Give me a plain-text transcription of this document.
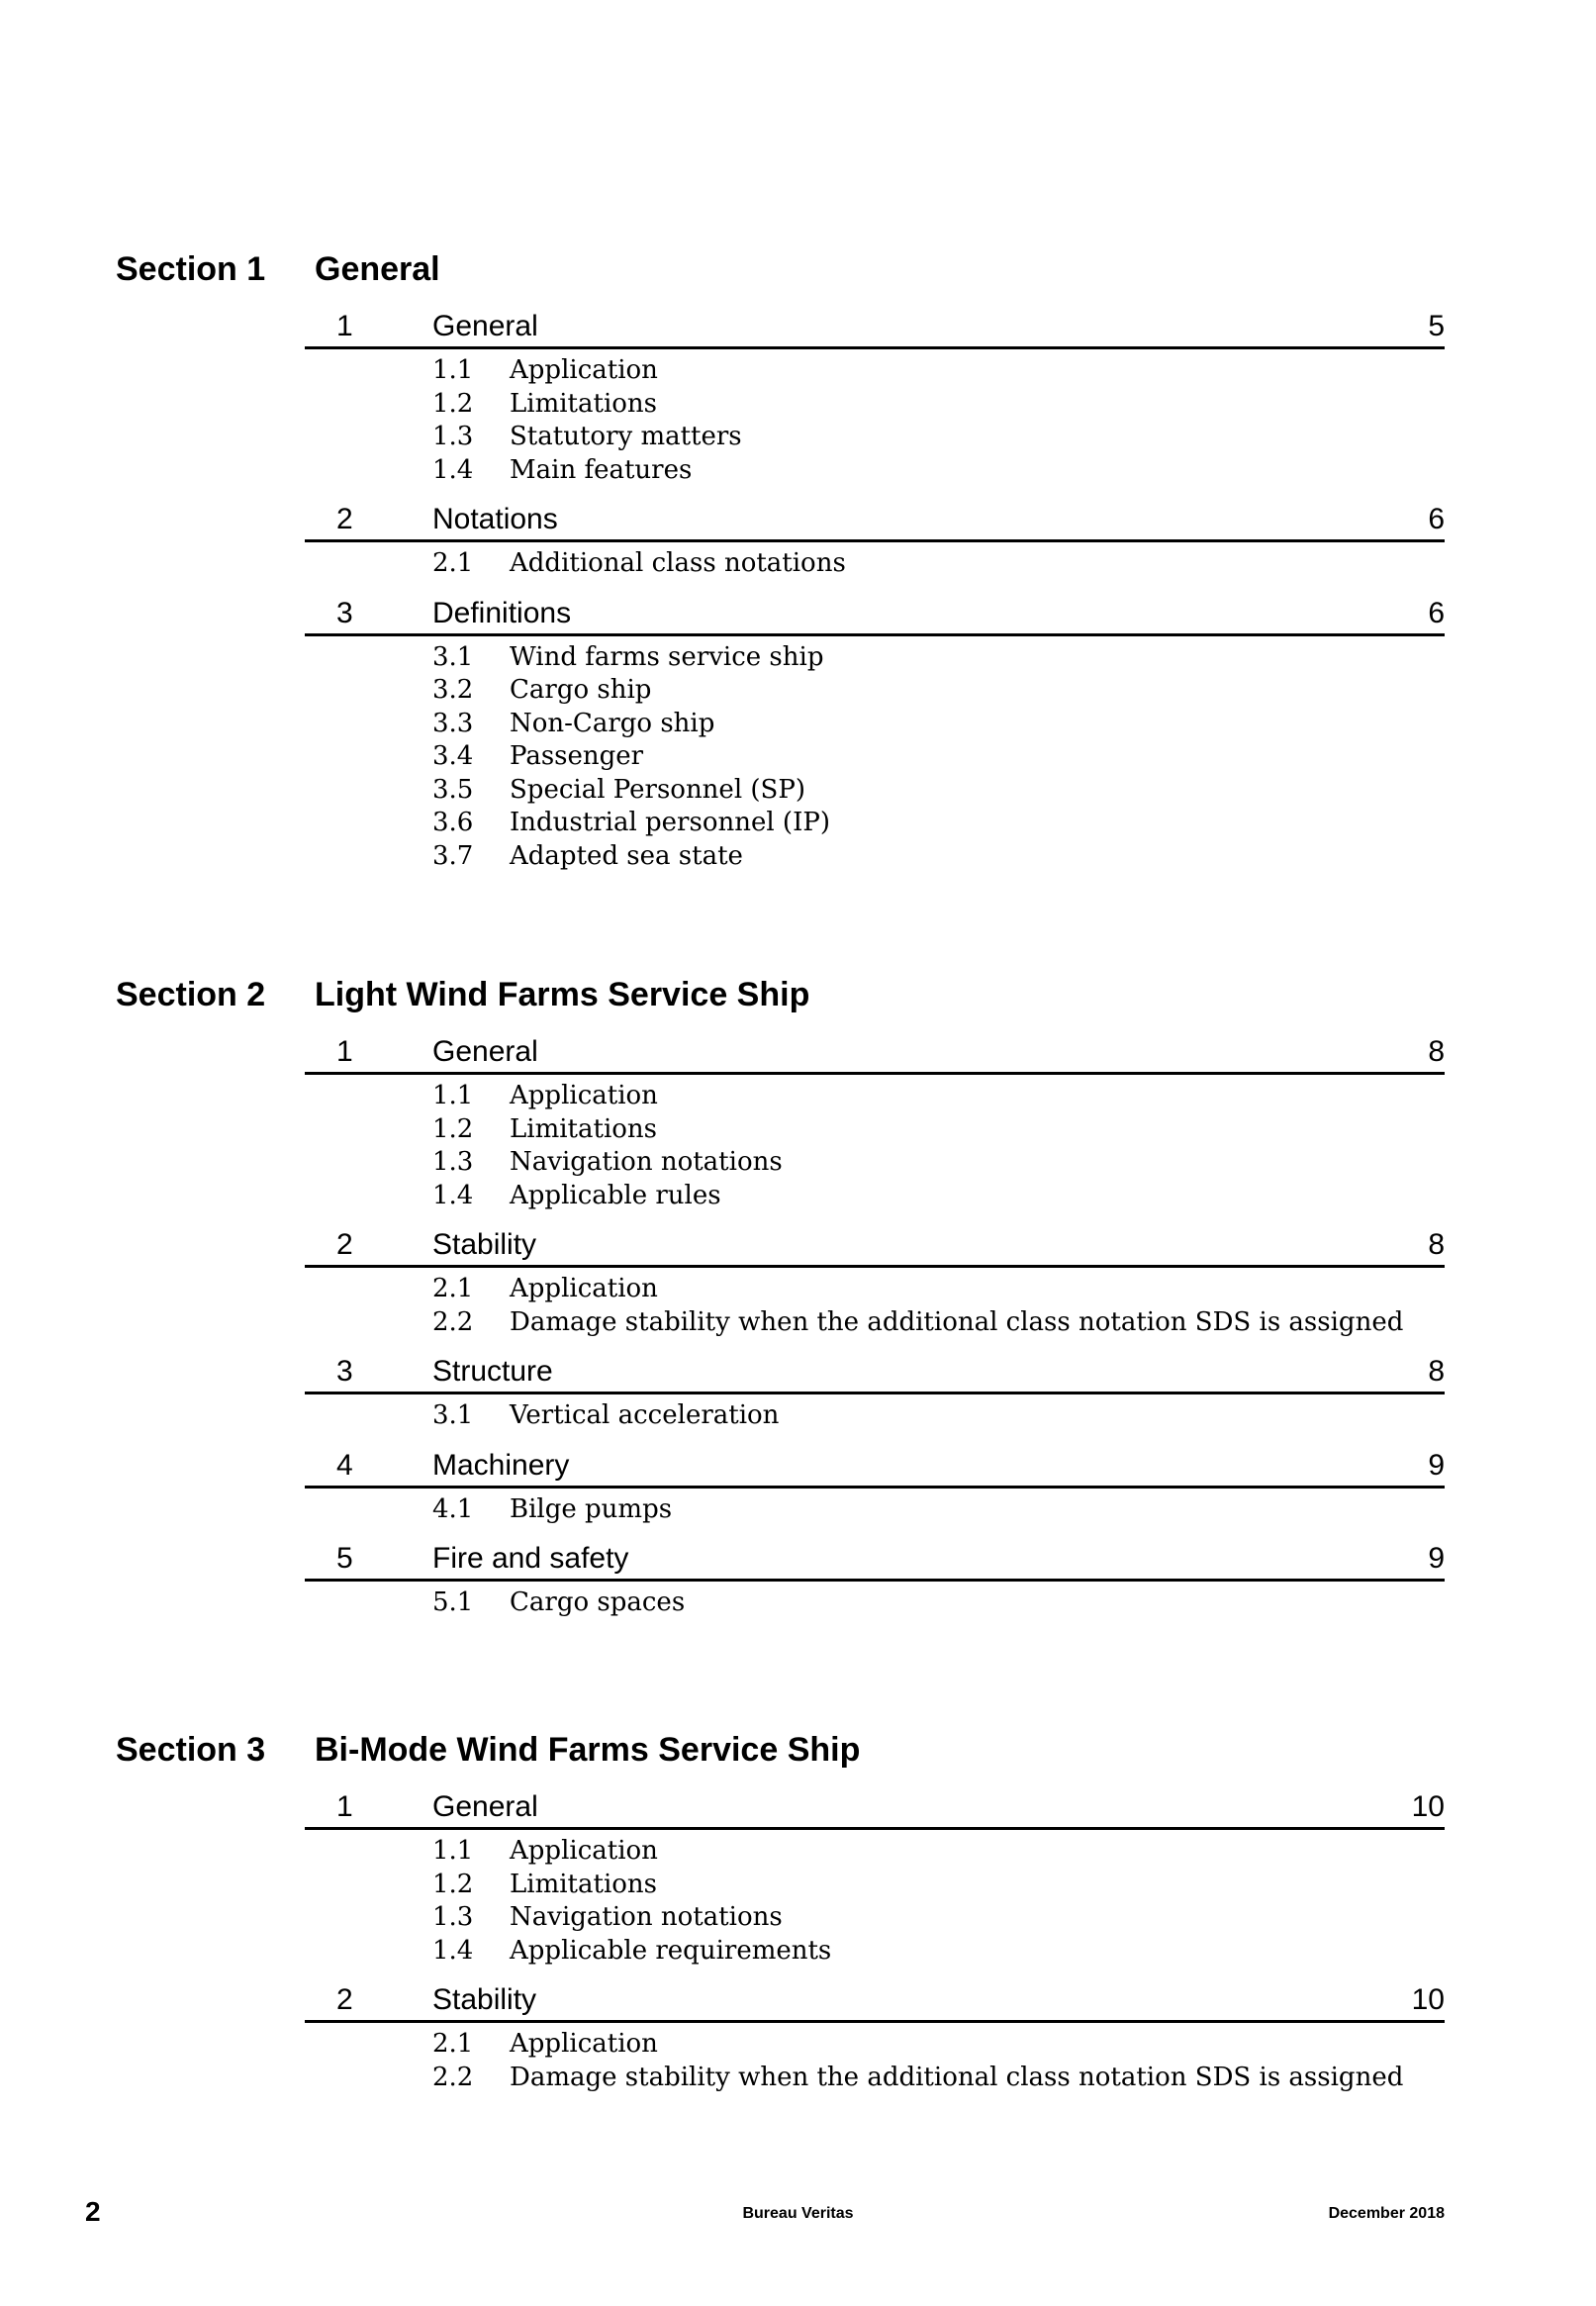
Section 1 General
1	General	5
1.1 Application
1.2 Limitations
1.3 Statutory matters
1.4 Main features
2	Notations	6
2.1 Additional class notations
3	Definitions	6
3.1 Wind farms service ship
3.2 Cargo ship
3.3 Non-Cargo ship
3.4 Passenger
3.5 Special Personnel (SP)
3.6 Industrial personnel (IP)
3.7 Adapted sea state
Section 2 Light Wind Farms Service Ship
1	General	8
1.1 Application
1.2 Limitations
1.3 Navigation notations
1.4 Applicable rules
2	Stability	8
2.1 Application
2.2 Damage stability when the additional class notation SDS is assigned
3	Structure	8
3.1 Vertical acceleration
4	Machinery	9
4.1 Bilge pumps
5	Fire and safety	9
5.1 Cargo spaces
Section 3 Bi-Mode Wind Farms Service Ship
1	General	10
1.1 Application
1.2 Limitations
1.3 Navigation notations
1.4 Applicable requirements
2	Stability	10
2.1 Application
2.2 Damage stability when the additional class notation SDS is assigned
2	Bureau Veritas	December 2018
